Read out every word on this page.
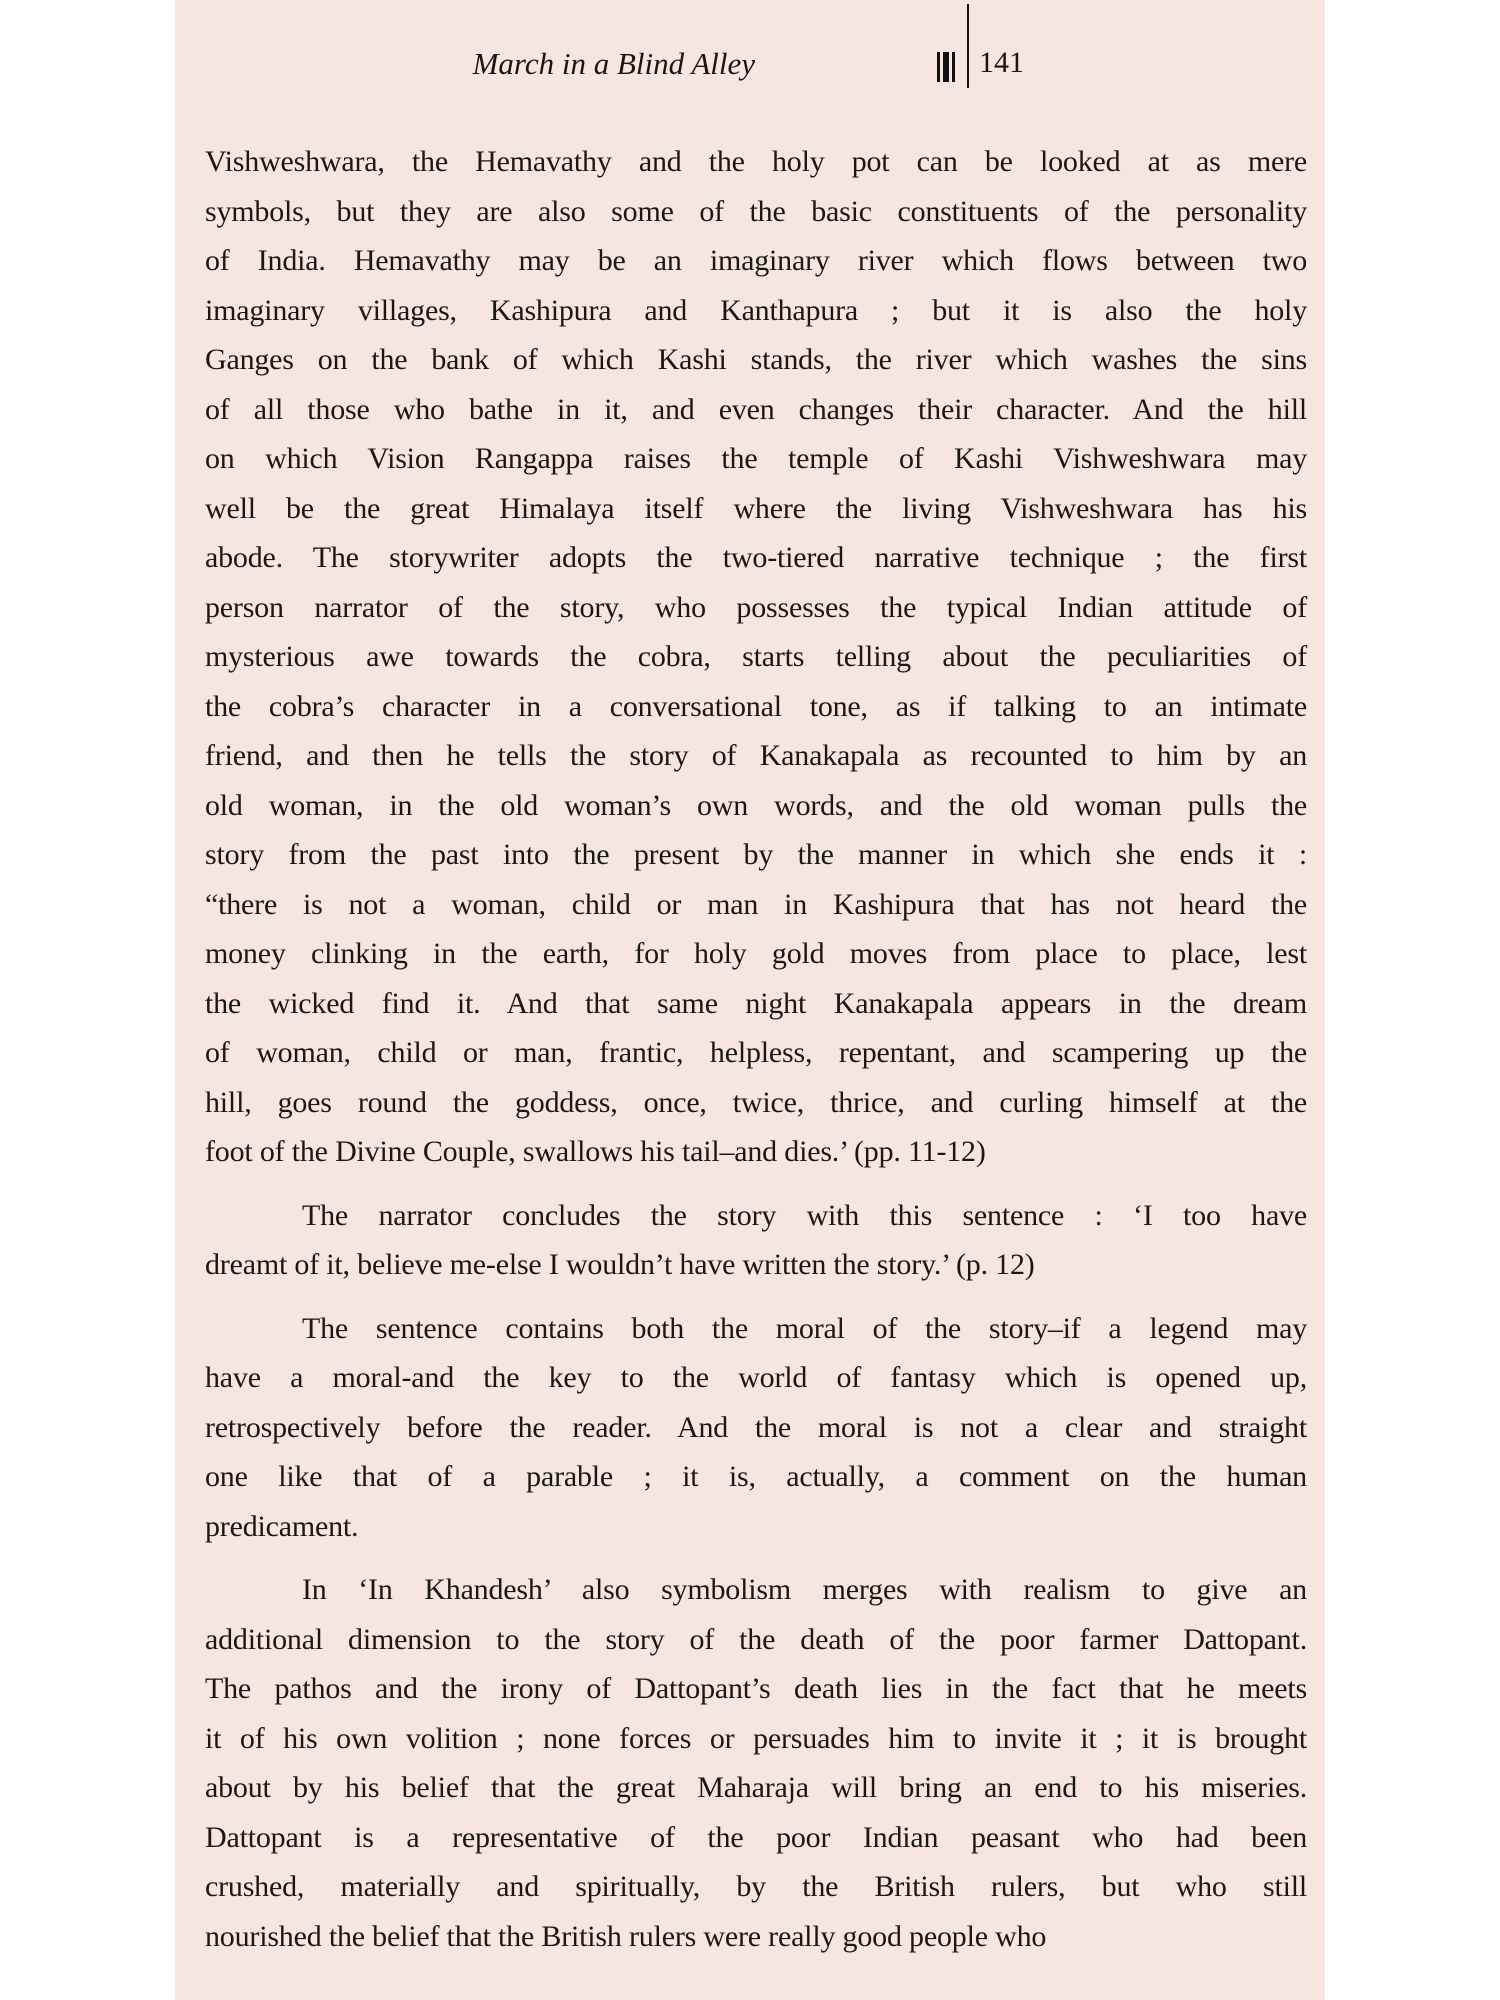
March in a Blind Alley	141
Vishweshwara, the Hemavathy and the holy pot can be looked at as mere
symbols, but they are also some of the basic constituents of the personality
of India. Hemavathy may be an imaginary river which flows between two
imaginary villages, Kashipura and Kanthapura ; but it is also the holy
Ganges on the bank of which Kashi stands, the river which washes the sins
of all those who bathe in it, and even changes their character. And the hill
on which Vision Rangappa raises the temple of Kashi Vishweshwara may
well be the great Himalaya itself where the living Vishweshwara has his
abode. The storywriter adopts the two-tiered narrative technique ; the first
person narrator of the story, who possesses the typical Indian attitude of
mysterious awe towards the cobra, starts telling about the peculiarities of
the cobra’s character in a conversational tone, as if talking to an intimate
friend, and then he tells the story of Kanakapala as recounted to him by an
old woman, in the old woman’s own words, and the old woman pulls the
story from the past into the present by the manner in which she ends it :
“there is not a woman, child or man in Kashipura that has not heard the
money clinking in the earth, for holy gold moves from place to place, lest
the wicked find it. And that same night Kanakapala appears in the dream
of woman, child or man, frantic, helpless, repentant, and scampering up the
hill, goes round the goddess, once, twice, thrice, and curling himself at the
foot of the Divine Couple, swallows his tail–and dies.’ (pp. 11-12)
The narrator concludes the story with this sentence : ‘I too have
dreamt of it, believe me-else I wouldn’t have written the story.’ (p. 12)
The sentence contains both the moral of the story–if a legend may
have a moral-and the key to the world of fantasy which is opened up,
retrospectively before the reader. And the moral is not a clear and straight
one like that of a parable ; it is, actually, a comment on the human
predicament.
In ‘In Khandesh’ also symbolism merges with realism to give an
additional dimension to the story of the death of the poor farmer Dattopant.
The pathos and the irony of Dattopant’s death lies in the fact that he meets
it of his own volition ; none forces or persuades him to invite it ; it is brought
about by his belief that the great Maharaja will bring an end to his miseries.
Dattopant is a representative of the poor Indian peasant who had been
crushed, materially and spiritually, by the British rulers, but who still
nourished the belief that the British rulers were really good people who
